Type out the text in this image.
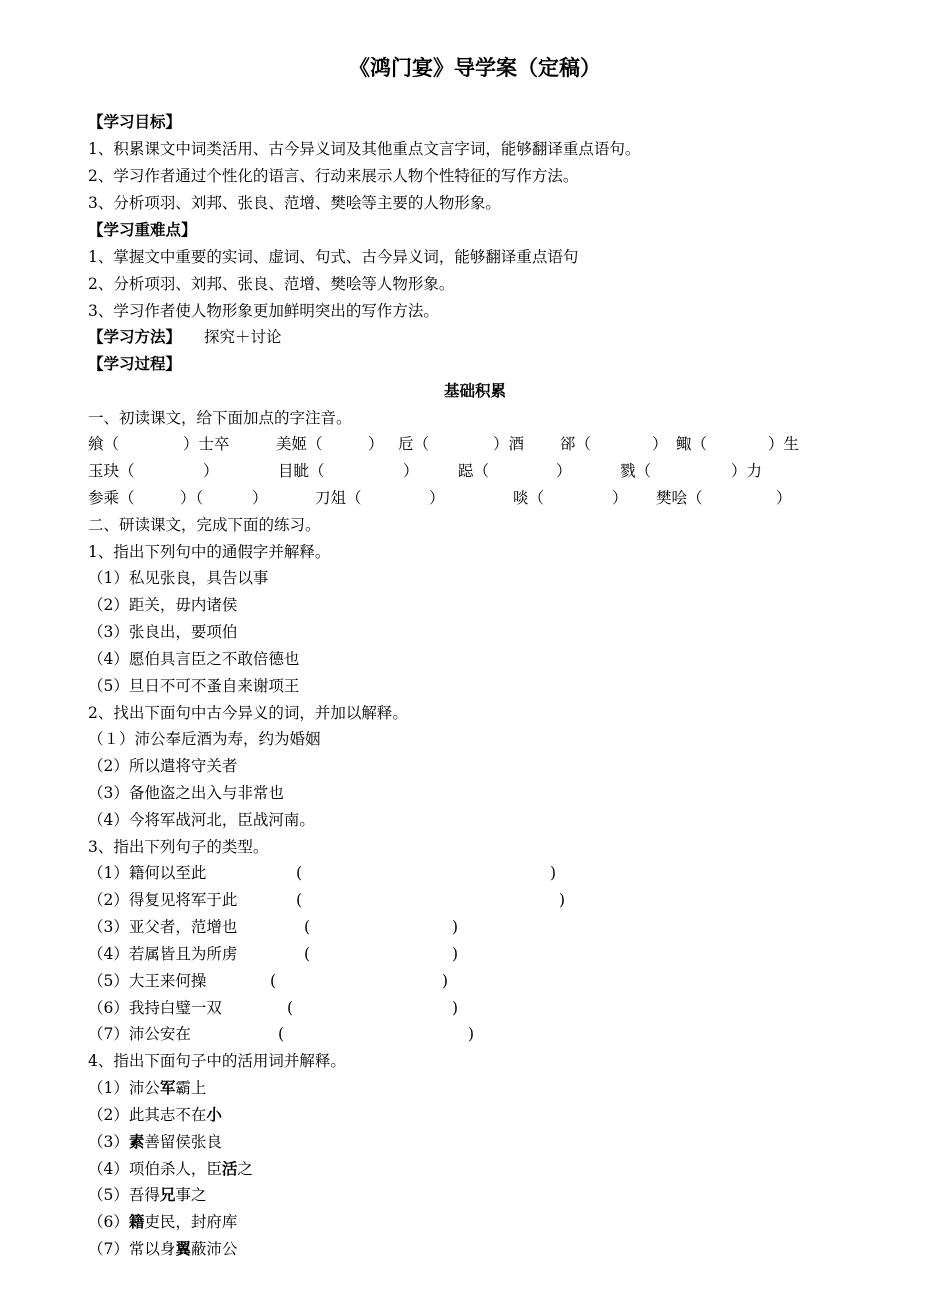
《鸿门宴》导学案（定稿）
【学习目标】
1、积累课文中词类活用、古今异义词及其他重点文言字词，能够翻译重点语句。
2、学习作者通过个性化的语言、行动来展示人物个性特征的写作方法。
3、分析项羽、刘邦、张良、范增、樊哙等主要的人物形象。
【学习重难点】
1、掌握文中重要的实词、虚词、句式、古今异义词，能够翻译重点语句
2、分析项羽、刘邦、张良、范增、樊哙等人物形象。
3、学习作者使人物形象更加鲜明突出的写作方法。
【学习方法】 探究＋讨论
【学习过程】
基础积累
一、初读课文，给下面加点的字注音。
飨（	）士卒	美姬（	） 卮（	）酒 郤（	） 鲰（	）生
玉玦（	）	目眦（	）	跽（	）	戮（	）力
参乘（	）（	）	刀俎（	）	啖（	） 樊哙（	）
二、研读课文，完成下面的练习。
1、指出下列句中的通假字并解释。
（1）私见张良，具告以事
（2）距关，毋内诸侯
（3）张良出，要项伯
（4）愿伯具言臣之不敢倍德也
（5）旦日不可不蚤自来谢项王
2、找出下面句中古今异义的词，并加以解释。
（１）沛公奉卮酒为寿，约为婚姻
（2）所以遣将守关者
（3）备他盗之出入与非常也
（4）今将军战河北，臣战河南。
3、指出下列句子的类型。
（1）籍何以至此	(	)
（2）得复见将军于此	(	)
（3）亚父者，范增也	(	)
（4）若属皆且为所虏	(	)
（5）大王来何操	(	)
（6）我持白璧一双	(	)
（7）沛公安在	(	)
4、指出下面句子中的活用词并解释。
（1）沛公军霸上
（2）此其志不在小
（3）素善留侯张良
（4）项伯杀人，臣活之
（5）吾得兄事之
（6）籍吏民，封府库
（7）常以身翼蔽沛公
